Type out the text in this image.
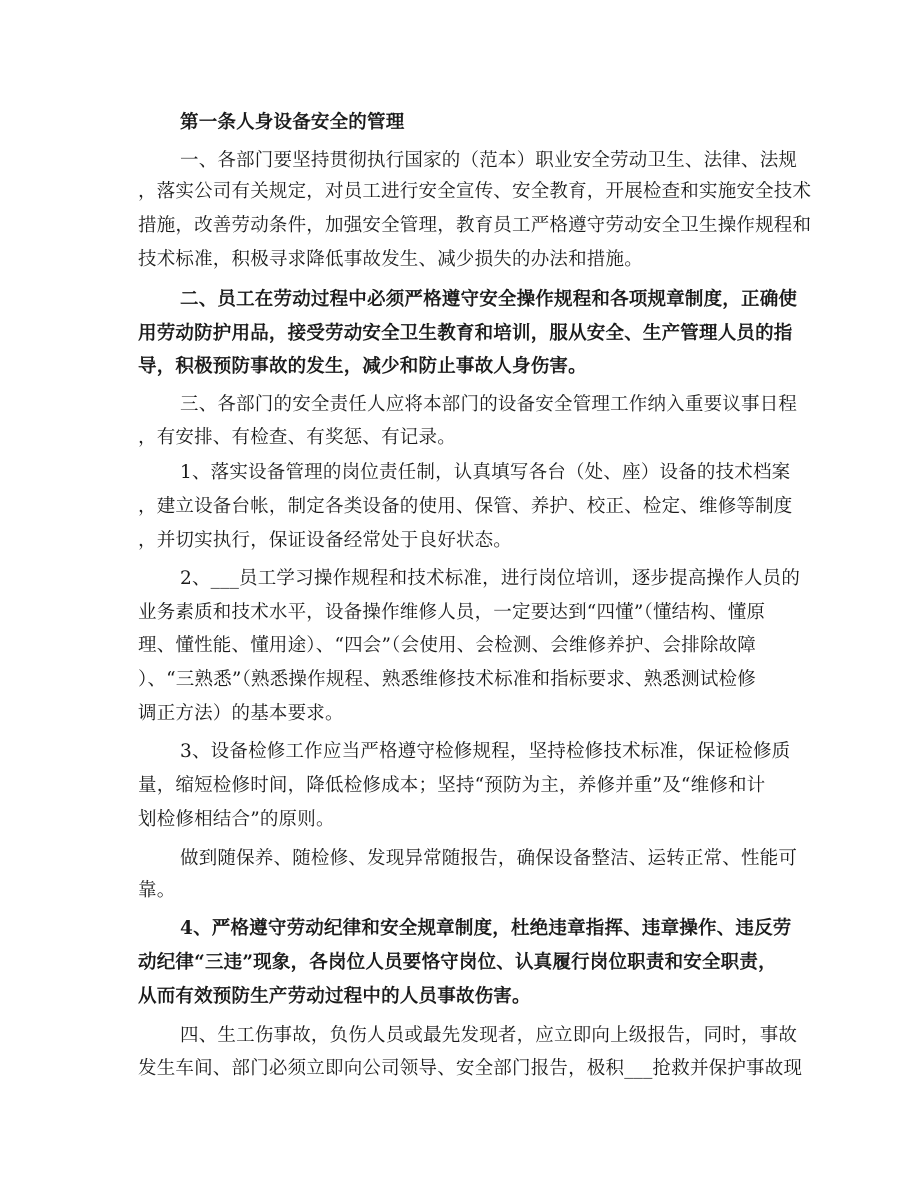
第一条人身设备安全的管理
一、各部门要坚持贯彻执行国家的（范本）职业安全劳动卫生、法律、法规
，落实公司有关规定，对员工进行安全宣传、安全教育，开展检查和实施安全技术
措施，改善劳动条件，加强安全管理，教育员工严格遵守劳动安全卫生操作规程和
技术标准，积极寻求降低事故发生、减少损失的办法和措施。
二、员工在劳动过程中必须严格遵守安全操作规程和各项规章制度，正确使
用劳动防护用品，接受劳动安全卫生教育和培训，服从安全、生产管理人员的指
导，积极预防事故的发生，减少和防止事故人身伤害。
三、各部门的安全责任人应将本部门的设备安全管理工作纳入重要议事日程
，有安排、有检查、有奖惩、有记录。
1、落实设备管理的岗位责任制，认真填写各台（处、座）设备的技术档案
，建立设备台帐，制定各类设备的使用、保管、养护、校正、检定、维修等制度
，并切实执行，保证设备经常处于良好状态。
2、___员工学习操作规程和技术标准，进行岗位培训，逐步提高操作人员的
业务素质和技术水平，设备操作维修人员，一定要达到“四懂”（懂结构、懂原
理、懂性能、懂用途）、“四会”（会使用、会检测、会维修养护、会排除故障
）、“三熟悉”（熟悉操作规程、熟悉维修技术标准和指标要求、熟悉测试检修
调正方法）的基本要求。
3、设备检修工作应当严格遵守检修规程，坚持检修技术标准，保证检修质
量，缩短检修时间，降低检修成本；坚持“预防为主，养修并重”及“维修和计
划检修相结合”的原则。
做到随保养、随检修、发现异常随报告，确保设备整洁、运转正常、性能可
靠。
4、严格遵守劳动纪律和安全规章制度，杜绝违章指挥、违章操作、违反劳
动纪律“三违”现象，各岗位人员要恪守岗位、认真履行岗位职责和安全职责，
从而有效预防生产劳动过程中的人员事故伤害。
四、生工伤事故，负伤人员或最先发现者，应立即向上级报告，同时，事故
发生车间、部门必须立即向公司领导、安全部门报告，极积___抢救并保护事故现
